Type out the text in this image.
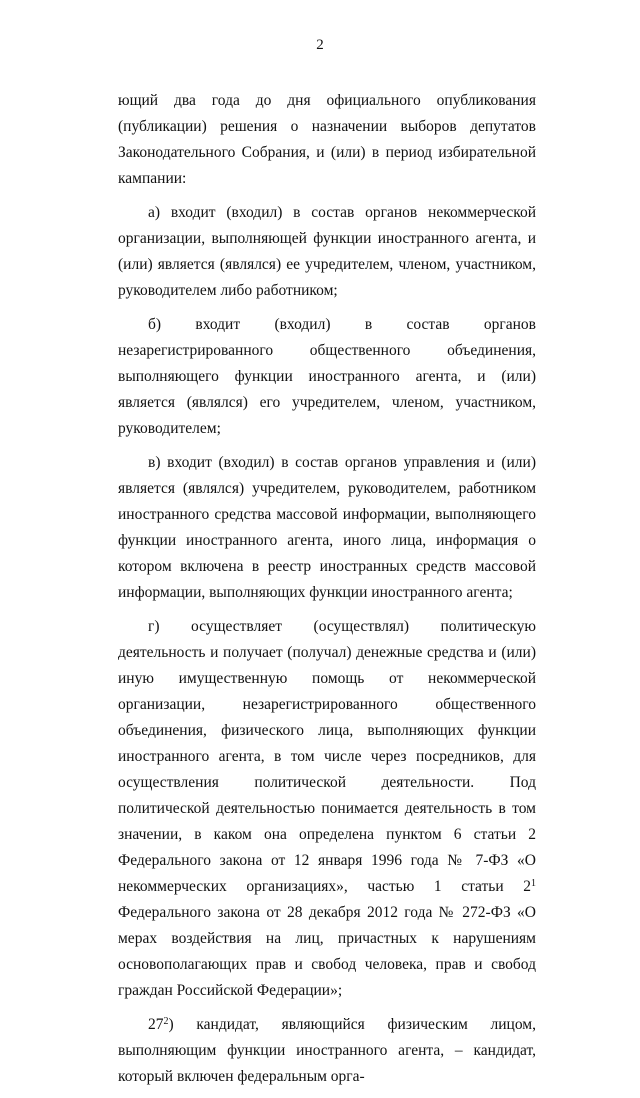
2

ющий два года до дня официального опубликования (публикации) решения о назначении выборов депутатов Законодательного Собрания, и (или) в период избирательной кампании:

а) входит (входил) в состав органов некоммерческой организации, выполняющей функции иностранного агента, и (или) является (являлся) ее учредителем, членом, участником, руководителем либо работником;

б) входит (входил) в состав органов незарегистрированного общественного объединения, выполняющего функции иностранного агента, и (или) является (являлся) его учредителем, членом, участником, руководителем;

в) входит (входил) в состав органов управления и (или) является (являлся) учредителем, руководителем, работником иностранного средства массовой информации, выполняющего функции иностранного агента, иного лица, информация о котором включена в реестр иностранных средств массовой информации, выполняющих функции иностранного агента;

г) осуществляет (осуществлял) политическую деятельность и получает (получал) денежные средства и (или) иную имущественную помощь от некоммерческой организации, незарегистрированного общественного объединения, физического лица, выполняющих функции иностранного агента, в том числе через посредников, для осуществления политической деятельности. Под политической деятельностью понимается деятельность в том значении, в каком она определена пунктом 6 статьи 2 Федерального закона от 12 января 1996 года № 7-ФЗ «О некоммерческих организациях», частью 1 статьи $2^1$ Федерального закона от 28 декабря 2012 года № 272-ФЗ «О мерах воздействия на лиц, причастных к нарушениям основополагающих прав и свобод человека, прав и свобод граждан Российской Федерации»;

$27^2$) кандидат, являющийся физическим лицом, выполняющим функции иностранного агента, – кандидат, который включен федеральным орга-
